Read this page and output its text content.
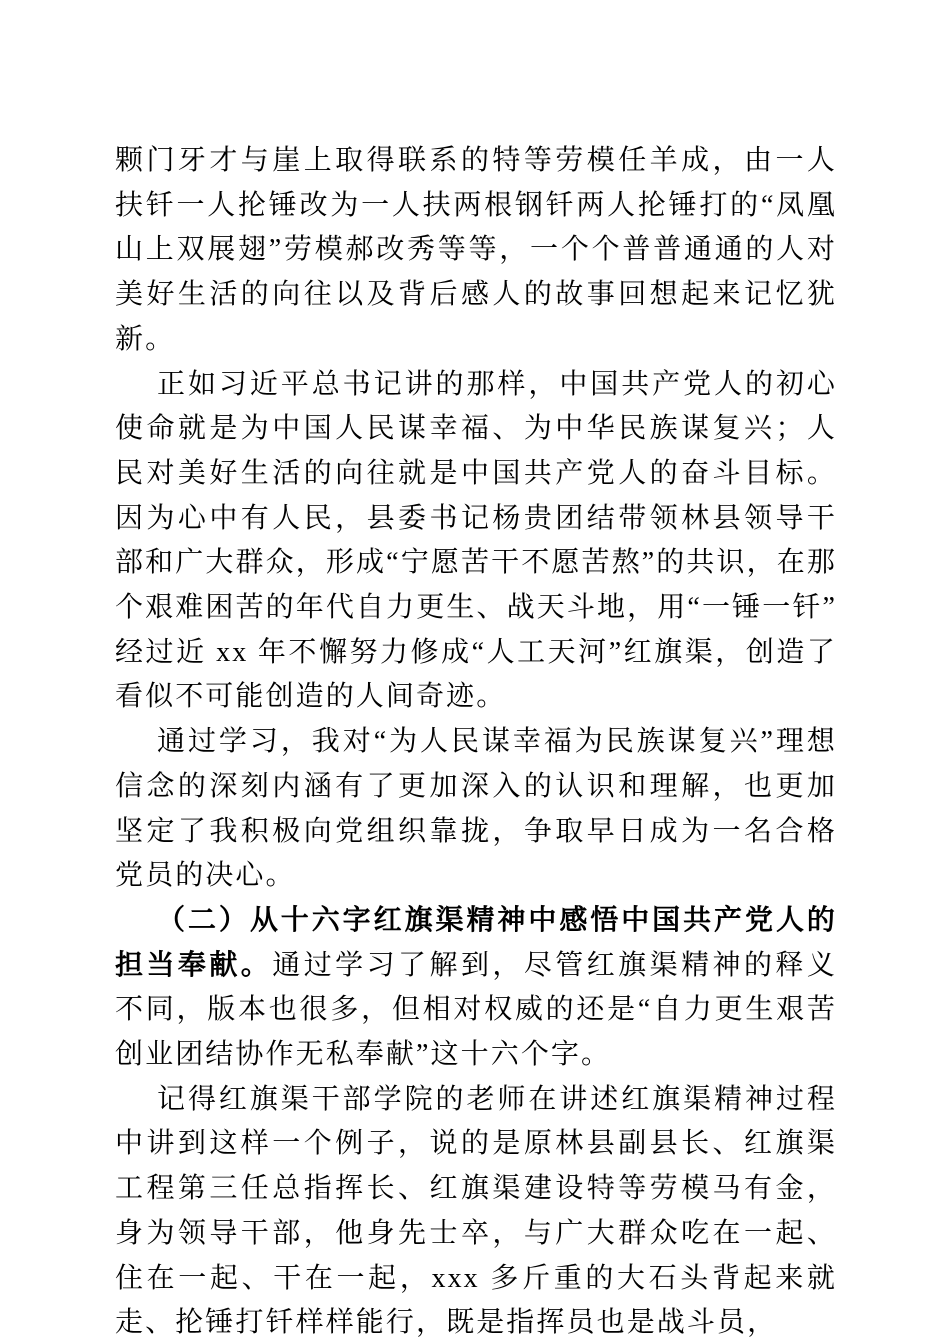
颗门牙才与崖上取得联系的特等劳模任羊成，由一人扶钎一人抡锤改为一人扶两根钢钎两人抡锤打的“凤凰山上双展翅”劳模郝改秀等等，一个个普普通通的人对美好生活的向往以及背后感人的故事回想起来记忆犹新。

正如习近平总书记讲的那样，中国共产党人的初心使命就是为中国人民谋幸福、为中华民族谋复兴；人民对美好生活的向往就是中国共产党人的奋斗目标。因为心中有人民，县委书记杨贵团结带领林县领导干部和广大群众，形成“宁愿苦干不愿苦熬”的共识，在那个艰难困苦的年代自力更生、战天斗地，用“一锤一钎”经过近 xx 年不懈努力修成“人工天河”红旗渠，创造了看似不可能创造的人间奇迹。

通过学习，我对“为人民谋幸福为民族谋复兴”理想信念的深刻内涵有了更加深入的认识和理解，也更加坚定了我积极向党组织靠拢，争取早日成为一名合格党员的决心。

（二）从十六字红旗渠精神中感悟中国共产党人的担当奉献。通过学习了解到，尽管红旗渠精神的释义不同，版本也很多，但相对权威的还是“自力更生艰苦创业团结协作无私奉献”这十六个字。

记得红旗渠干部学院的老师在讲述红旗渠精神过程中讲到这样一个例子，说的是原林县副县长、红旗渠工程第三任总指挥长、红旗渠建设特等劳模马有金，身为领导干部，他身先士卒，与广大群众吃在一起、住在一起、干在一起，xxx 多斤重的大石头背起来就走、抡锤打钎样样能行，既是指挥员也是战斗员，
